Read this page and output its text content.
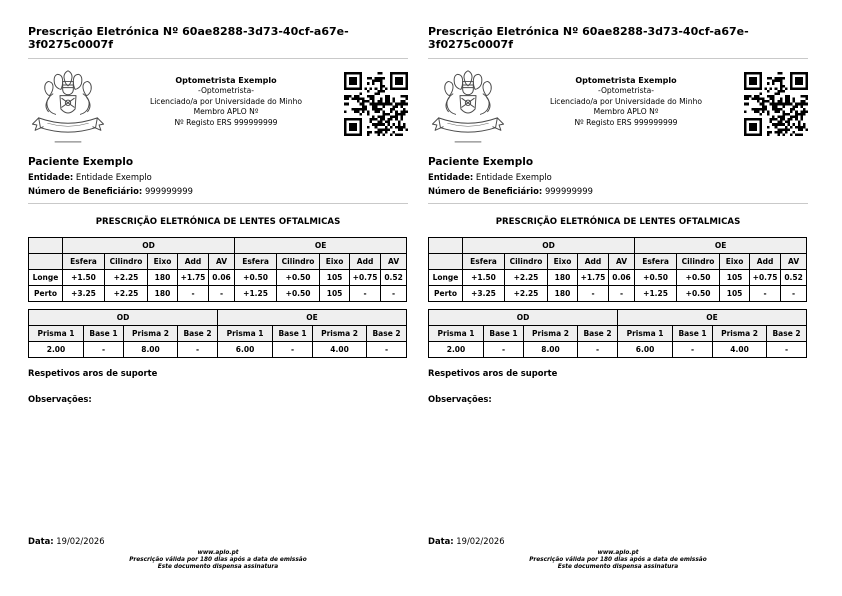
Prescrição Eletrónica Nº 60ae8288-3d73-40cf-a67e-3f0275c0007f
Optometrista Exemplo
-Optometrista-
Licenciado/a por Universidade do Minho
Membro APLO Nº
Nº Registo ERS 999999999
Paciente Exemplo
Entidade: Entidade Exemplo
Número de Beneficiário: 999999999
PRESCRIÇÃO ELETRÓNICA DE LENTES OFTALMICAS
	OD					OE				
	Esfera	Cilindro	Eixo	Add	AV	Esfera	Cilindro	Eixo	Add	AV
Longe	+1.50	+2.25	180	+1.75	0.06	+0.50	+0.50	105	+0.75	0.52
Perto	+3.25	+2.25	180	-	-	+1.25	+0.50	105	-	-
OD				OE			
Prisma 1	Base 1	Prisma 2	Base 2	Prisma 1	Base 1	Prisma 2	Base 2
2.00	-	8.00	-	6.00	-	4.00	-
Respetivos aros de suporte
Observações:
Data: 19/02/2026
www.aplo.pt
Prescrição válida por 180 dias após a data de emissão
Este documento dispensa assinatura
Prescrição Eletrónica Nº 60ae8288-3d73-40cf-a67e-3f0275c0007f
Optometrista Exemplo
-Optometrista-
Licenciado/a por Universidade do Minho
Membro APLO Nº
Nº Registo ERS 999999999
Paciente Exemplo
Entidade: Entidade Exemplo
Número de Beneficiário: 999999999
PRESCRIÇÃO ELETRÓNICA DE LENTES OFTALMICAS
	OD					OE				
	Esfera	Cilindro	Eixo	Add	AV	Esfera	Cilindro	Eixo	Add	AV
Longe	+1.50	+2.25	180	+1.75	0.06	+0.50	+0.50	105	+0.75	0.52
Perto	+3.25	+2.25	180	-	-	+1.25	+0.50	105	-	-
OD				OE			
Prisma 1	Base 1	Prisma 2	Base 2	Prisma 1	Base 1	Prisma 2	Base 2
2.00	-	8.00	-	6.00	-	4.00	-
Respetivos aros de suporte
Observações:
Data: 19/02/2026
www.aplo.pt
Prescrição válida por 180 dias após a data de emissão
Este documento dispensa assinatura
